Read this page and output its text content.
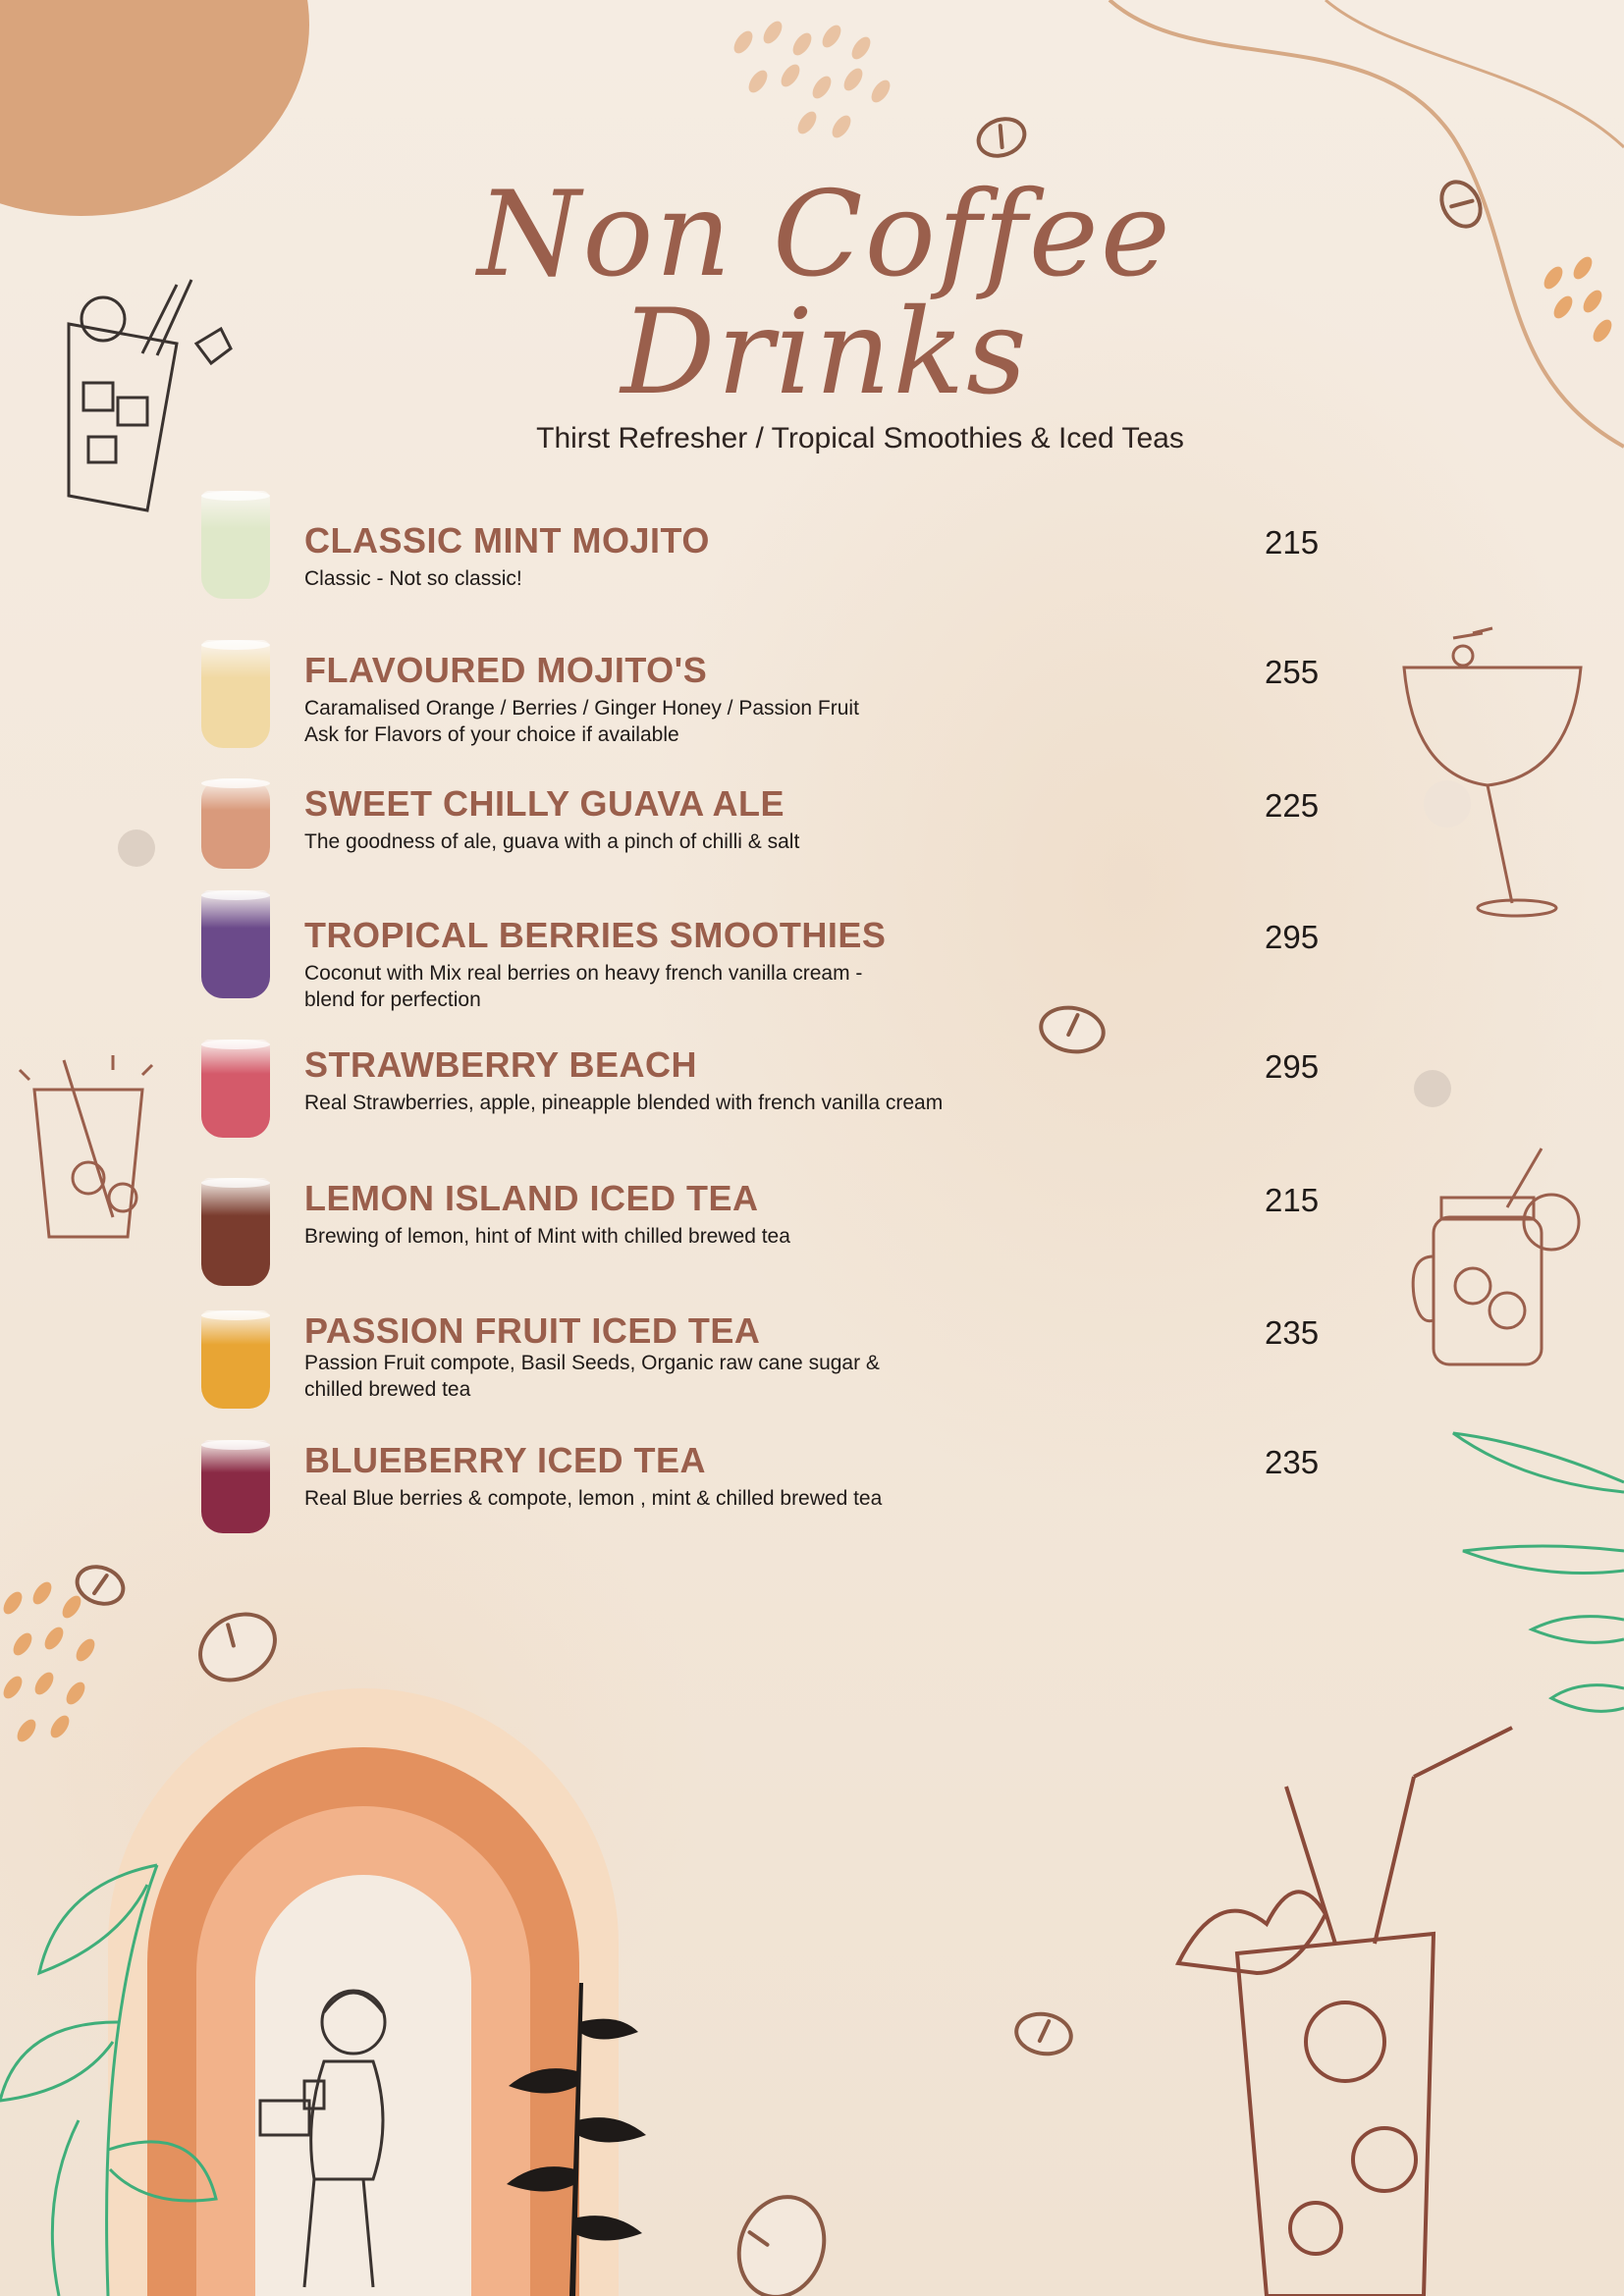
Non Coffee Drinks
Thirst Refresher / Tropical Smoothies & Iced Teas
CLASSIC MINT MOJITO
Classic - Not so classic!
215
FLAVOURED MOJITO'S
Caramalised Orange / Berries / Ginger Honey / Passion Fruit
Ask for Flavors of your choice if available
255
SWEET CHILLY GUAVA ALE
The goodness of ale, guava with a pinch of chilli & salt
225
TROPICAL BERRIES SMOOTHIES
Coconut with Mix real berries on heavy french vanilla cream -
blend for perfection
295
STRAWBERRY BEACH
Real Strawberries, apple, pineapple blended with french vanilla cream
295
LEMON ISLAND ICED TEA
Brewing of lemon, hint of Mint with chilled brewed tea
215
PASSION FRUIT ICED TEA
Passion Fruit compote, Basil Seeds, Organic raw cane sugar &
chilled brewed tea
235
BLUEBERRY ICED TEA
Real Blue berries & compote, lemon , mint & chilled brewed tea
235
